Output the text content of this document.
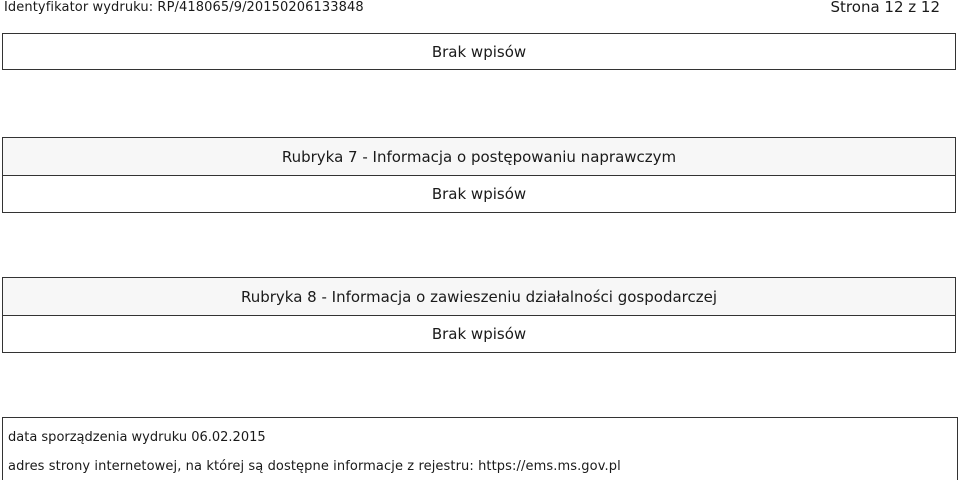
Identyfikator wydruku: RP/418065/9/20150206133848	Strona 12 z 12
Brak wpisów
Rubryka 7 - Informacja o postępowaniu naprawczym
Brak wpisów
Rubryka 8 - Informacja o zawieszeniu działalności gospodarczej
Brak wpisów
data sporządzenia wydruku 06.02.2015
adres strony internetowej, na której są dostępne informacje z rejestru: https://ems.ms.gov.pl
